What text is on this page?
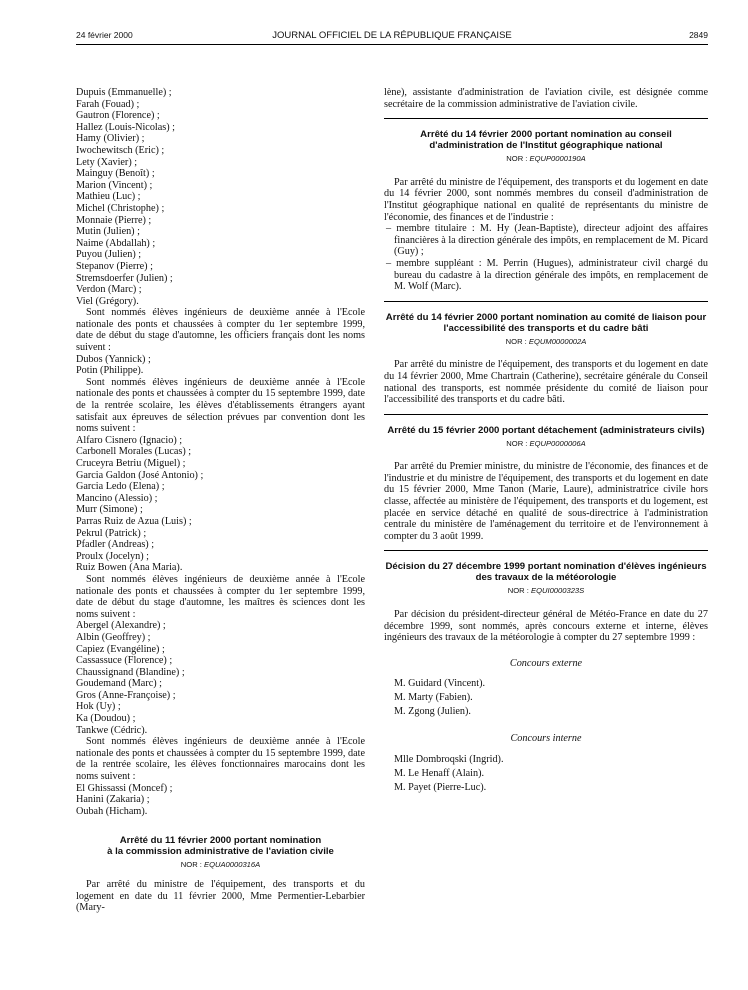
24 février 2000	JOURNAL OFFICIEL DE LA RÉPUBLIQUE FRANÇAISE	2849

Dupuis (Emmanuelle) ;

Farah (Fouad) ;

Gautron (Florence) ;

Hallez (Louis-Nicolas) ;

Hamy (Olivier) ;

Iwochewitsch (Eric) ;

Lety (Xavier) ;

Mainguy (Benoît) ;

Marion (Vincent) ;

Mathieu (Luc) ;

Michel (Christophe) ;

Monnaie (Pierre) ;

Mutin (Julien) ;

Naime (Abdallah) ;

Puyou (Julien) ;

Stepanov (Pierre) ;

Stremsdoerfer (Julien) ;

Verdon (Marc) ;

Viel (Grégory).

Sont nommés élèves ingénieurs de deuxième année à l'Ecole nationale des ponts et chaussées à compter du 1er septembre 1999, date de début du stage d'automne, les officiers français dont les noms suivent :

Dubos (Yannick) ;

Potin (Philippe).

Sont nommés élèves ingénieurs de deuxième année à l'Ecole nationale des ponts et chaussées à compter du 15 septembre 1999, date de la rentrée scolaire, les élèves d'établissements étrangers ayant satisfait aux épreuves de sélection prévues par convention dont les noms suivent :

Alfaro Cisnero (Ignacio) ;

Carbonell Morales (Lucas) ;

Cruceyra Betriu (Miguel) ;

Garcia Galdon (José Antonio) ;

Garcia Ledo (Elena) ;

Mancino (Alessio) ;

Murr (Simone) ;

Parras Ruiz de Azua (Luis) ;

Pekrul (Patrick) ;

Pfadler (Andreas) ;

Proulx (Jocelyn) ;

Ruiz Bowen (Ana Maria).

Sont nommés élèves ingénieurs de deuxième année à l'Ecole nationale des ponts et chaussées à compter du 1er septembre 1999, date de début du stage d'automne, les maîtres ès sciences dont les noms suivent :

Abergel (Alexandre) ;

Albin (Geoffrey) ;

Capiez (Evangéline) ;

Cassassuce (Florence) ;

Chaussignand (Blandine) ;

Goudemand (Marc) ;

Gros (Anne-Françoise) ;

Hok (Uy) ;

Ka (Doudou) ;

Tankwe (Cédric).

Sont nommés élèves ingénieurs de deuxième année à l'Ecole nationale des ponts et chaussées à compter du 15 septembre 1999, date de la rentrée scolaire, les élèves fonctionnaires marocains dont les noms suivent :

El Ghissassi (Moncef) ;

Hanini (Zakaria) ;

Oubah (Hicham).

Arrêté du 11 février 2000 portant nomination
à la commission administrative de l'aviation civile

NOR : EQUA0000316A

Par arrêté du ministre de l'équipement, des transports et du logement en date du 11 février 2000, Mme Permentier-Lebarbier (Mary-

lène), assistante d'administration de l'aviation civile, est désignée comme secrétaire de la commission administrative de l'aviation civile.

Arrêté du 14 février 2000 portant nomination au conseil d'administration de l'Institut géographique national

NOR : EQUP0000190A

Par arrêté du ministre de l'équipement, des transports et du logement en date du 14 février 2000, sont nommés membres du conseil d'administration de l'Institut géographique national en qualité de représentants du ministre de l'économie, des finances et de l'industrie :

– membre titulaire : M. Hy (Jean-Baptiste), directeur adjoint des affaires financières à la direction générale des impôts, en remplacement de M. Picard (Guy) ;

– membre suppléant : M. Perrin (Hugues), administrateur civil chargé du bureau du cadastre à la direction générale des impôts, en remplacement de M. Wolf (Marc).

Arrêté du 14 février 2000 portant nomination au comité de liaison pour l'accessibilité des transports et du cadre bâti

NOR : EQUM0000002A

Par arrêté du ministre de l'équipement, des transports et du logement en date du 14 février 2000, Mme Chartrain (Catherine), secrétaire générale du Conseil national des transports, est nommée présidente du comité de liaison pour l'accessibilité des transports et du cadre bâti.

Arrêté du 15 février 2000 portant détachement (administrateurs civils)

NOR : EQUP0000006A

Par arrêté du Premier ministre, du ministre de l'économie, des finances et de l'industrie et du ministre de l'équipement, des transports et du logement en date du 15 février 2000, Mme Tanon (Marie, Laure), administratrice civile hors classe, affectée au ministère de l'équipement, des transports et du logement, est placée en service détaché en qualité de sous-directrice à l'administration centrale du ministère de l'aménagement du territoire et de l'environnement à compter du 3 août 1999.

Décision du 27 décembre 1999 portant nomination d'élèves ingénieurs des travaux de la météorologie

NOR : EQUI0000323S

Par décision du président-directeur général de Météo-France en date du 27 décembre 1999, sont nommés, après concours externe et interne, élèves ingénieurs des travaux de la météorologie à compter du 27 septembre 1999 :

Concours externe

M. Guidard (Vincent).

M. Marty (Fabien).

M. Zgong (Julien).

Concours interne

Mlle Dombroqski (Ingrid).

M. Le Henaff (Alain).

M. Payet (Pierre-Luc).
